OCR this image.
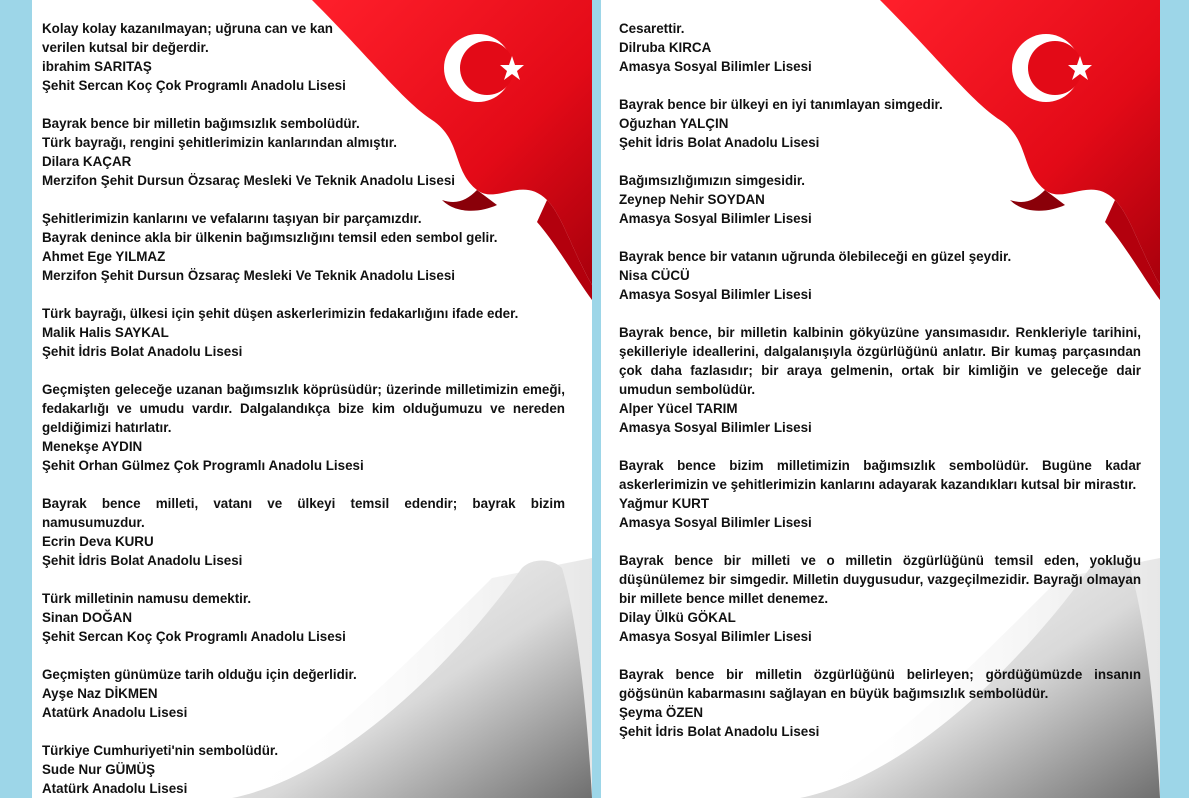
Kolay kolay kazanılmayan; uğruna can ve kan
verilen kutsal bir değerdir.
ibrahim SARITAŞ
Şehit Sercan Koç Çok Programlı Anadolu Lisesi
Bayrak bence bir milletin bağımsızlık sembolüdür.
Türk bayrağı, rengini şehitlerimizin kanlarından almıştır.
Dilara KAÇAR
Merzifon Şehit Dursun Özsaraç Mesleki Ve Teknik Anadolu Lisesi
Şehitlerimizin kanlarını ve vefalarını taşıyan bir parçamızdır.
Bayrak denince akla bir ülkenin bağımsızlığını temsil eden sembol gelir.
Ahmet Ege YILMAZ
Merzifon Şehit Dursun Özsaraç Mesleki Ve Teknik Anadolu Lisesi
Türk bayrağı, ülkesi için şehit düşen askerlerimizin fedakarlığını ifade eder.
Malik Halis SAYKAL
Şehit İdris Bolat Anadolu Lisesi
Geçmişten geleceğe uzanan bağımsızlık köprüsüdür; üzerinde milletimizin emeği, fedakarlığı ve umudu vardır. Dalgalandıkça bize kim olduğumuzu ve nereden geldiğimizi hatırlatır.
Menekşe AYDIN
Şehit Orhan Gülmez Çok Programlı Anadolu Lisesi
Bayrak bence milleti, vatanı ve ülkeyi temsil edendir; bayrak bizim namusumuzdur.
Ecrin Deva KURU
Şehit İdris Bolat Anadolu Lisesi
Türk milletinin namusu demektir.
Sinan DOĞAN
Şehit Sercan Koç Çok Programlı Anadolu Lisesi
Geçmişten günümüze tarih olduğu için değerlidir.
Ayşe Naz DİKMEN
Atatürk Anadolu Lisesi
Türkiye Cumhuriyeti'nin sembolüdür.
Sude Nur GÜMÜŞ
Atatürk Anadolu Lisesi
Cesarettir.
Dilruba KIRCA
Amasya Sosyal Bilimler Lisesi
Bayrak bence bir ülkeyi en iyi tanımlayan simgedir.
Oğuzhan YALÇIN
Şehit İdris Bolat Anadolu Lisesi
Bağımsızlığımızın simgesidir.
Zeynep Nehir SOYDAN
Amasya Sosyal Bilimler Lisesi
Bayrak bence bir vatanın uğrunda ölebileceği en güzel şeydir.
Nisa CÜCÜ
Amasya Sosyal Bilimler Lisesi
Bayrak bence, bir milletin kalbinin gökyüzüne yansımasıdır. Renkleriyle tarihini, şekilleriyle ideallerini, dalgalanışıyla özgürlüğünü anlatır. Bir kumaş parçasından çok daha fazlasıdır; bir araya gelmenin, ortak bir kimliğin ve geleceğe dair umudun sembolüdür.
Alper Yücel TARIM
Amasya Sosyal Bilimler Lisesi
Bayrak bence bizim milletimizin bağımsızlık sembolüdür. Bugüne kadar askerlerimizin ve şehitlerimizin kanlarını adayarak kazandıkları kutsal bir mirastır.
Yağmur KURT
Amasya Sosyal Bilimler Lisesi
Bayrak bence bir milleti ve o milletin özgürlüğünü temsil eden, yokluğu düşünülemez bir simgedir. Milletin duygusudur, vazgeçilmezidir. Bayrağı olmayan bir millete bence millet denemez.
Dilay Ülkü GÖKAL
Amasya Sosyal Bilimler Lisesi
Bayrak bence bir milletin özgürlüğünü belirleyen; gördüğümüzde insanın göğsünün kabarmasını sağlayan en büyük bağımsızlık sembolüdür.
Şeyma ÖZEN
Şehit İdris Bolat Anadolu Lisesi
